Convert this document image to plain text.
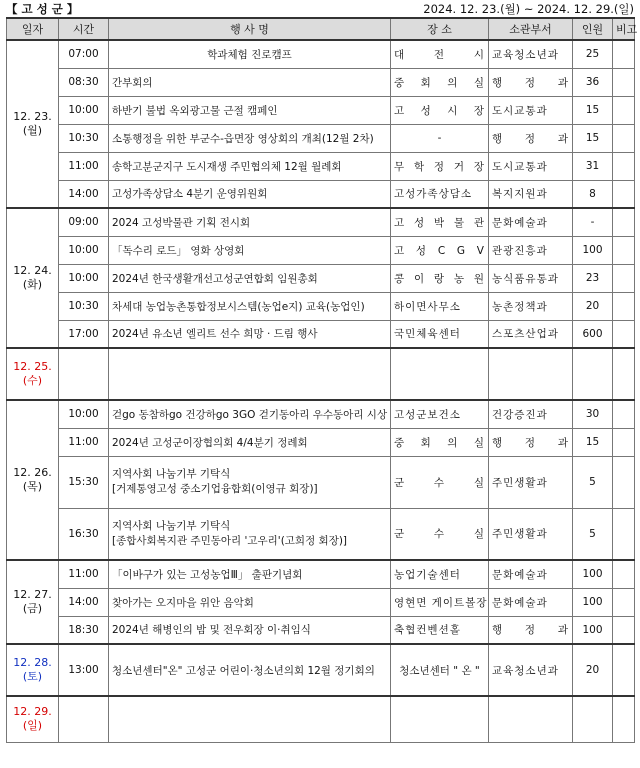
【 고 성 군 】	2024. 12. 23.(월) ~ 2024. 12. 29.(일)
일자	시간	행 사 명	장 소	소관부서	인원	비고

12. 23.
(월)	07:00	학과체험 진로캠프	대 전 시	교육청소년과	25	
	08:30	간부회의	중 회 의 실	행 정 과	36	
	10:00	하반기 불법 옥외광고물 근절 캠페인	고 성 시 장	도시교통과	15	
	10:30	소통행정을 위한 부군수-읍면장 영상회의 개최(12월 2차)	-	행 정 과	15	
	11:00	송학고분군지구 도시재생 주민협의체 12월 월례회	무 학 정 거 장	도시교통과	31	
	14:00	고성가족상담소 4분기 운영위원회	고성가족상담소	복지지원과	8	

12. 24.
(화)	09:00	2024 고성박물관 기획 전시회	고 성 박 물 관	문화예술과	-	
	10:00	「독수리 로드」 영화 상영회	고 성 C G V	관광진흥과	100	
	10:00	2024년 한국생활개선고성군연합회 임원총회	콩 이 랑 농 원	농식품유통과	23	
	10:30	차세대 농업농촌통합정보시스템(농업e지) 교육(농업인)	하이면사무소	농촌정책과	20	
	17:00	2024년 유소년 엘리트 선수 희망 · 드림 행사	국민체육센터	스포츠산업과	600	

12. 25.
(수)						

12. 26.
(목)	10:00	걷go 동참하go 건강하go 3GO 걷기동아리 우수동아리 시상	고성군보건소	건강증진과	30	
	11:00	2024년 고성군이장협의회 4/4분기 정례회	중 회 의 실	행 정 과	15	
	15:30	지역사회 나눔기부 기탁식
[거제통영고성 중소기업융합회(이영규 회장)]	군 수 실	주민생활과	5	
	16:30	지역사회 나눔기부 기탁식
[종합사회복지관 주민동아리 '고우리'(고희정 회장)]	군 수 실	주민생활과	5	

12. 27.
(금)	11:00	「이바구가 있는 고성농업Ⅲ」 출판기념회	농업기술센터	문화예술과	100	
	14:00	찾아가는 오지마을 위안 음악회	영현면 게이트볼장	문화예술과	100	
	18:30	2024년 해병인의 밤 및 전우회장 이·취임식	축협컨벤션홀	행 정 과	100	

12. 28.
(토)	13:00	청소년센터"온" 고성군 어린이·청소년의회 12월 정기회의	청소년센터 " 온 "	교육청소년과	20	

12. 29.
(일)						
